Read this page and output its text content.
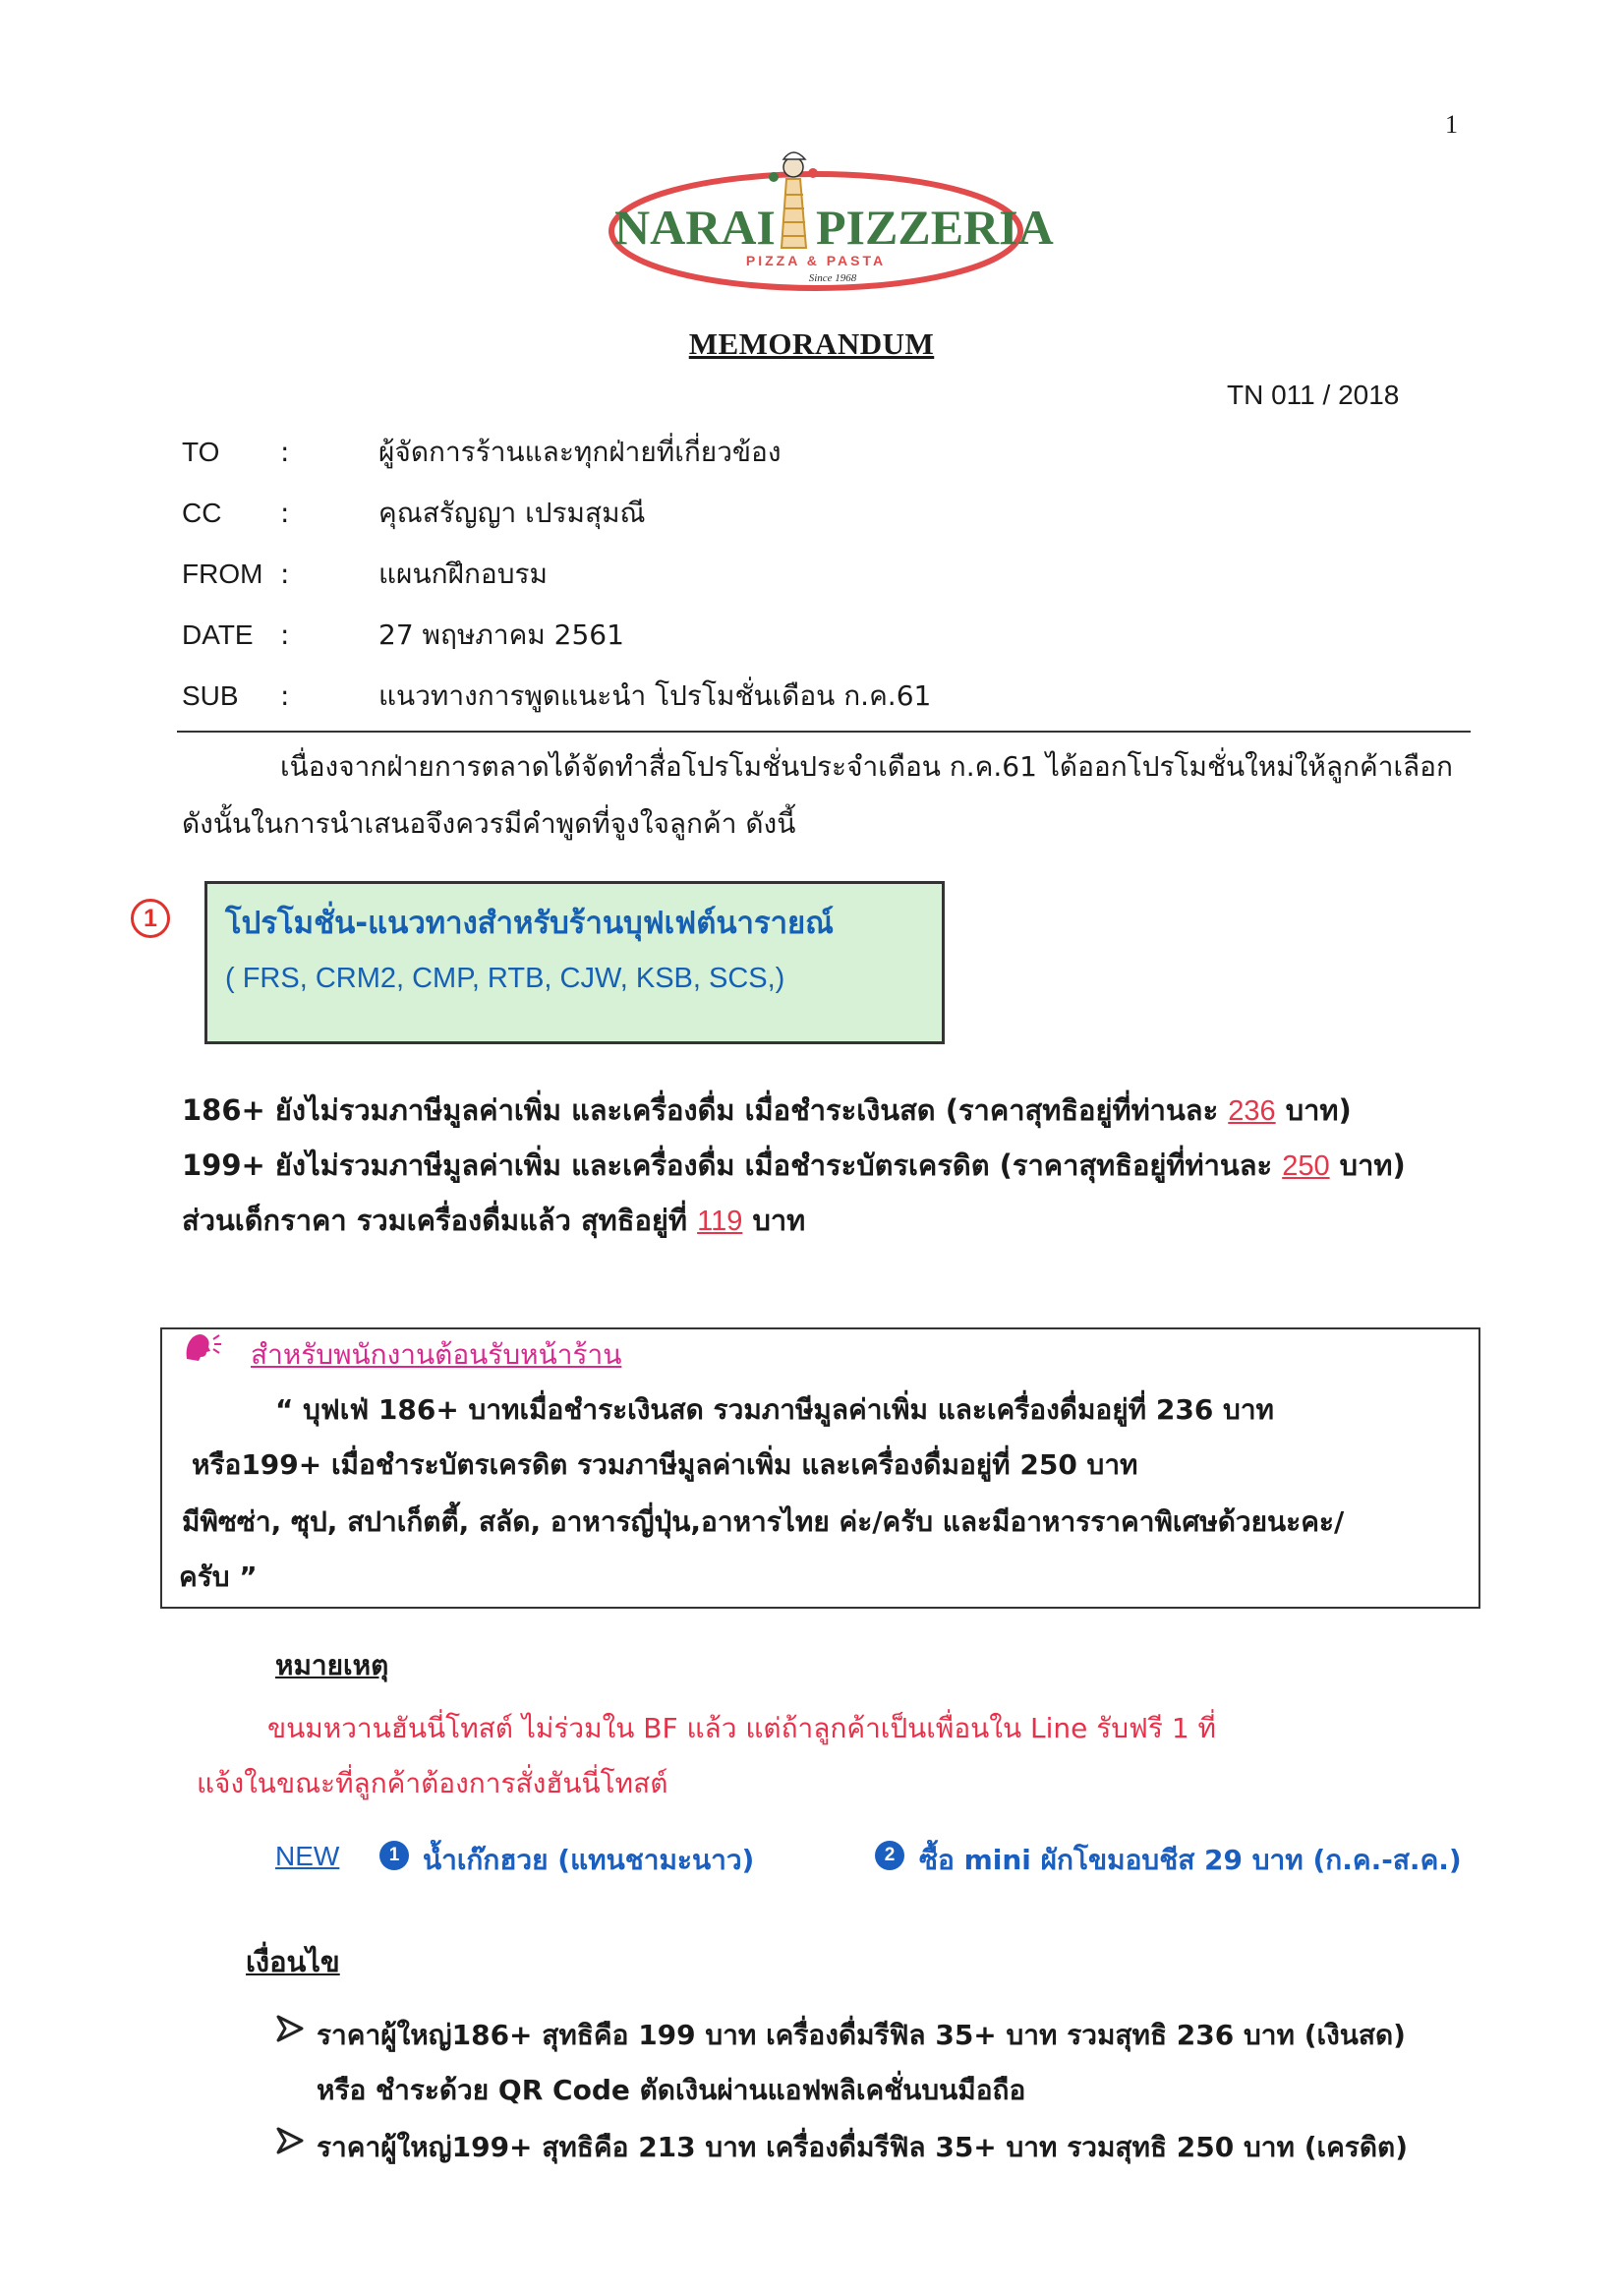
1
NARAI PIZZERIA
PIZZA & PASTA
Since 1968
MEMORANDUM
TN 011 / 2018
TO	:	ผู้จัดการร้านและทุกฝ่ายที่เกี่ยวข้อง
CC	:	คุณสรัญญา เปรมสุมณี
FROM :	แผนกฝึกอบรม
DATE :	27 พฤษภาคม 2561
SUB	:	แนวทางการพูดแนะนำ โปรโมชั่นเดือน ก.ค.61
เนื่องจากฝ่ายการตลาดได้จัดทำสื่อโปรโมชั่นประจำเดือน ก.ค.61 ได้ออกโปรโมชั่นใหม่ให้ลูกค้าเลือก
ดังนั้นในการนำเสนอจึงควรมีคำพูดที่จูงใจลูกค้า ดังนี้
1	โปรโมชั่น-แนวทางสำหรับร้านบุฟเฟต์นารายณ์
( FRS, CRM2, CMP, RTB, CJW, KSB, SCS,)
186+ ยังไม่รวมภาษีมูลค่าเพิ่ม และเครื่องดื่ม เมื่อชำระเงินสด (ราคาสุทธิอยู่ที่ท่านละ 236 บาท)
199+ ยังไม่รวมภาษีมูลค่าเพิ่ม และเครื่องดื่ม เมื่อชำระบัตรเครดิต (ราคาสุทธิอยู่ที่ท่านละ 250 บาท)
ส่วนเด็กราคา รวมเครื่องดื่มแล้ว สุทธิอยู่ที่ 119 บาท
สำหรับพนักงานต้อนรับหน้าร้าน
“ บุฟเฟ่ 186+ บาทเมื่อชำระเงินสด รวมภาษีมูลค่าเพิ่ม และเครื่องดื่มอยู่ที่ 236 บาท
หรือ199+ เมื่อชำระบัตรเครดิต รวมภาษีมูลค่าเพิ่ม และเครื่องดื่มอยู่ที่ 250 บาท
มีพิซซ่า, ซุป, สปาเก็ตตี้, สลัด, อาหารญี่ปุ่น,อาหารไทย ค่ะ/ครับ และมีอาหารราคาพิเศษด้วยนะคะ/
ครับ ”
หมายเหตุ
ขนมหวานฮันนี่โทสต์ ไม่ร่วมใน BF แล้ว แต่ถ้าลูกค้าเป็นเพื่อนใน Line รับฟรี 1 ที่
แจ้งในขณะที่ลูกค้าต้องการสั่งฮันนี่โทสต์
NEW	1 น้ำเก๊กฮวย (แทนชามะนาว)	2 ซื้อ mini ผักโขมอบชีส 29 บาท (ก.ค.-ส.ค.)
เงื่อนไข
ราคาผู้ใหญ่186+ สุทธิคือ 199 บาท เครื่องดื่มรีฟิล 35+ บาท รวมสุทธิ 236 บาท (เงินสด)
หรือ ชำระด้วย QR Code ตัดเงินผ่านแอฟพลิเคชั่นบนมือถือ
ราคาผู้ใหญ่199+ สุทธิคือ 213 บาท เครื่องดื่มรีฟิล 35+ บาท รวมสุทธิ 250 บาท (เครดิต)
